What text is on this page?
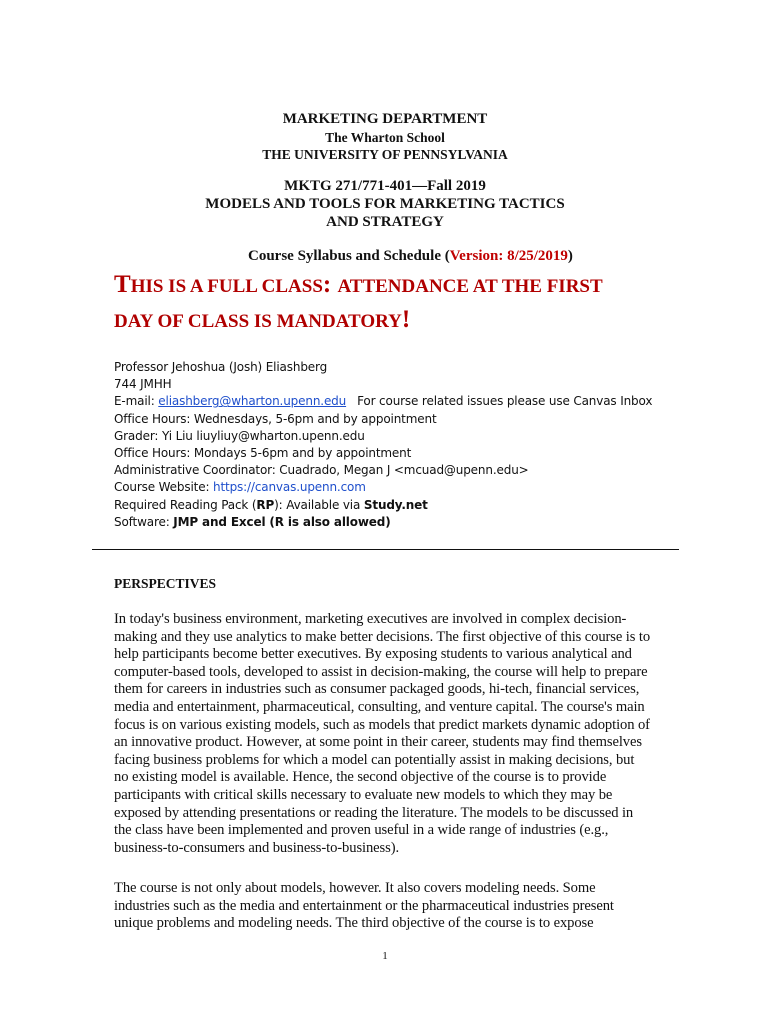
MARKETING DEPARTMENT
The Wharton School
THE UNIVERSITY OF PENNSYLVANIA
MKTG 271/771-401—Fall 2019
MODELS AND TOOLS FOR MARKETING TACTICS
AND STRATEGY
Course Syllabus and Schedule (Version: 8/25/2019)
THIS IS A FULL CLASS: ATTENDANCE AT THE FIRST
DAY OF CLASS IS MANDATORY!
Professor Jehoshua (Josh) Eliashberg
744 JMHH
E-mail: eliashberg@wharton.upenn.edu For course related issues please use Canvas Inbox
Office Hours: Wednesdays, 5-6pm and by appointment
Grader: Yi Liu liuyliuy@wharton.upenn.edu
Office Hours: Mondays 5-6pm and by appointment
Administrative Coordinator: Cuadrado, Megan J <mcuad@upenn.edu>
Course Website: https://canvas.upenn.com
Required Reading Pack (RP): Available via Study.net
Software: JMP and Excel (R is also allowed)
PERSPECTIVES
In today's business environment, marketing executives are involved in complex decision-
making and they use analytics to make better decisions. The first objective of this course is to
help participants become better executives. By exposing students to various analytical and
computer-based tools, developed to assist in decision-making, the course will help to prepare
them for careers in industries such as consumer packaged goods, hi-tech, financial services,
media and entertainment, pharmaceutical, consulting, and venture capital. The course's main
focus is on various existing models, such as models that predict markets dynamic adoption of
an innovative product. However, at some point in their career, students may find themselves
facing business problems for which a model can potentially assist in making decisions, but
no existing model is available. Hence, the second objective of the course is to provide
participants with critical skills necessary to evaluate new models to which they may be
exposed by attending presentations or reading the literature. The models to be discussed in
the class have been implemented and proven useful in a wide range of industries (e.g.,
business-to-consumers and business-to-business).
The course is not only about models, however. It also covers modeling needs. Some
industries such as the media and entertainment or the pharmaceutical industries present
unique problems and modeling needs. The third objective of the course is to expose
1
